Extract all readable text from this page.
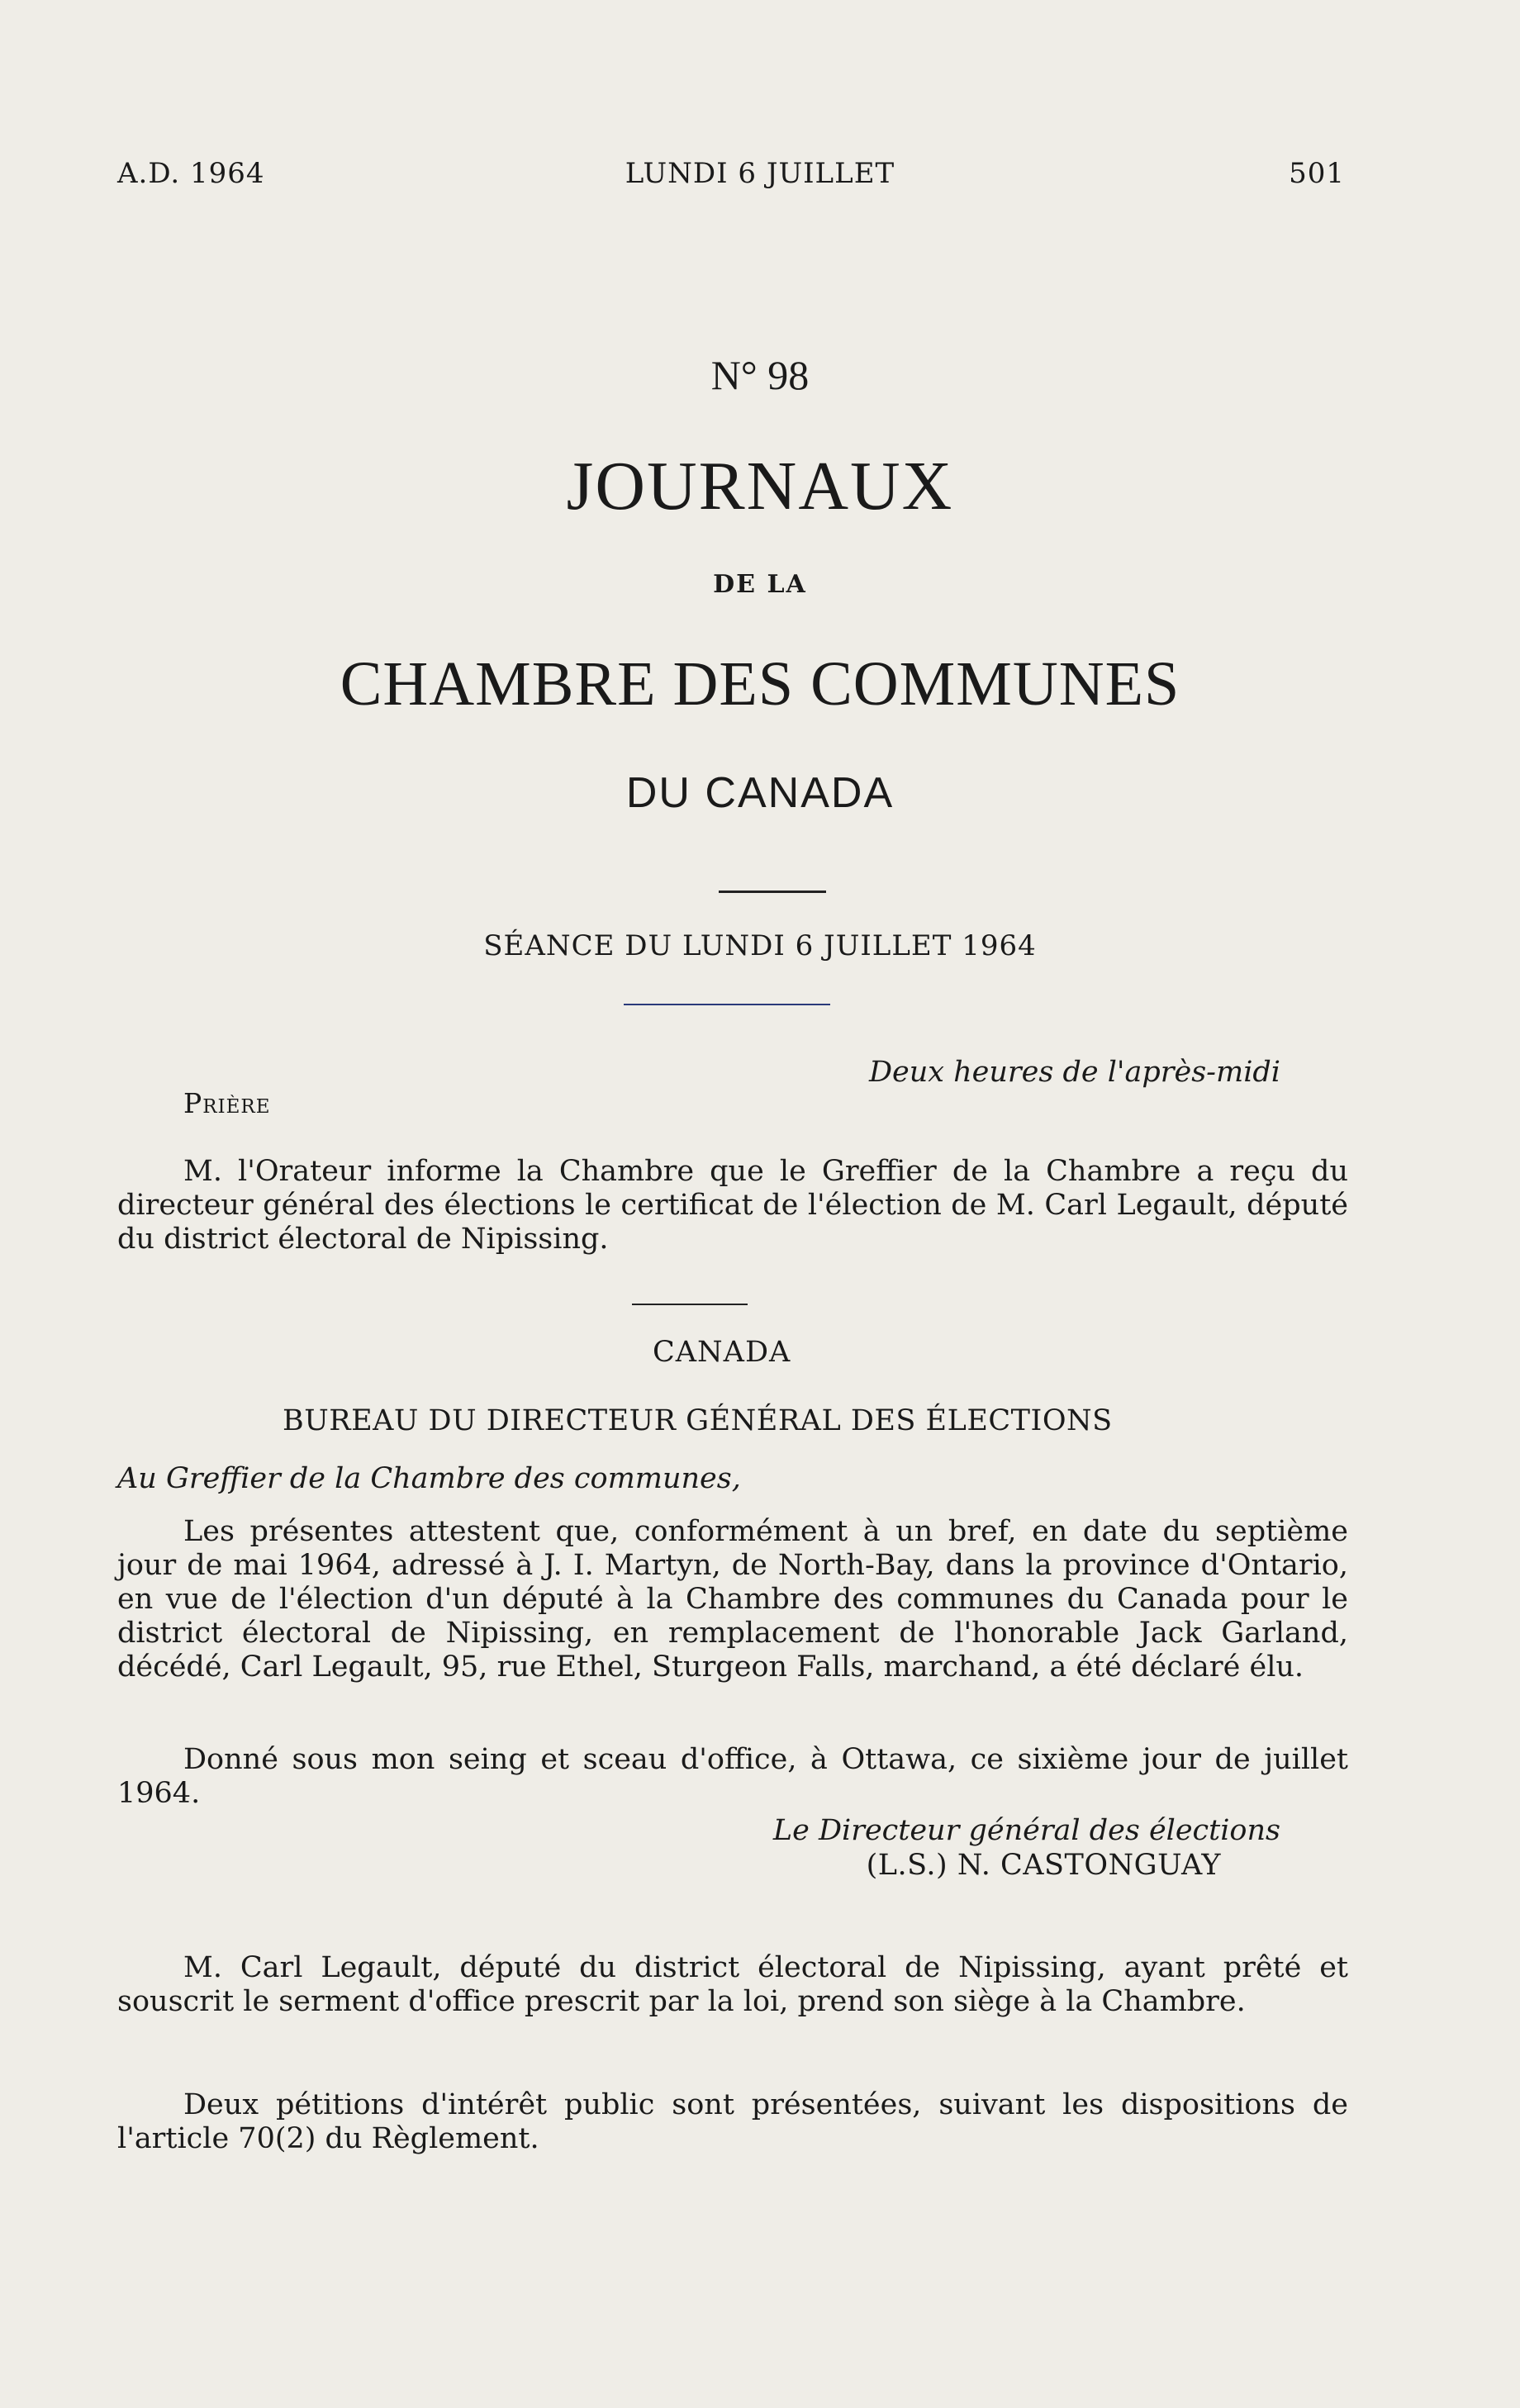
A.D. 1964	LUNDI 6 JUILLET	501
N° 98
JOURNAUX
DE LA
CHAMBRE DES COMMUNES
DU CANADA
SÉANCE DU LUNDI 6 JUILLET 1964
Deux heures de l'après-midi
Prière
M. l'Orateur informe la Chambre que le Greffier de la Chambre a reçu du directeur général des élections le certificat de l'élection de M. Carl Legault, député du district électoral de Nipissing.
CANADA
BUREAU DU DIRECTEUR GÉNÉRAL DES ÉLECTIONS
Au Greffier de la Chambre des communes,
Les présentes attestent que, conformément à un bref, en date du septième jour de mai 1964, adressé à J. I. Martyn, de North-Bay, dans la province d'Ontario, en vue de l'élection d'un député à la Chambre des communes du Canada pour le district électoral de Nipissing, en remplacement de l'honorable Jack Garland, décédé, Carl Legault, 95, rue Ethel, Sturgeon Falls, marchand, a été déclaré élu.
Donné sous mon seing et sceau d'office, à Ottawa, ce sixième jour de juillet 1964.
Le Directeur général des élections
(L.S.) N. CASTONGUAY
M. Carl Legault, député du district électoral de Nipissing, ayant prêté et souscrit le serment d'office prescrit par la loi, prend son siège à la Chambre.
Deux pétitions d'intérêt public sont présentées, suivant les dispositions de l'article 70(2) du Règlement.
